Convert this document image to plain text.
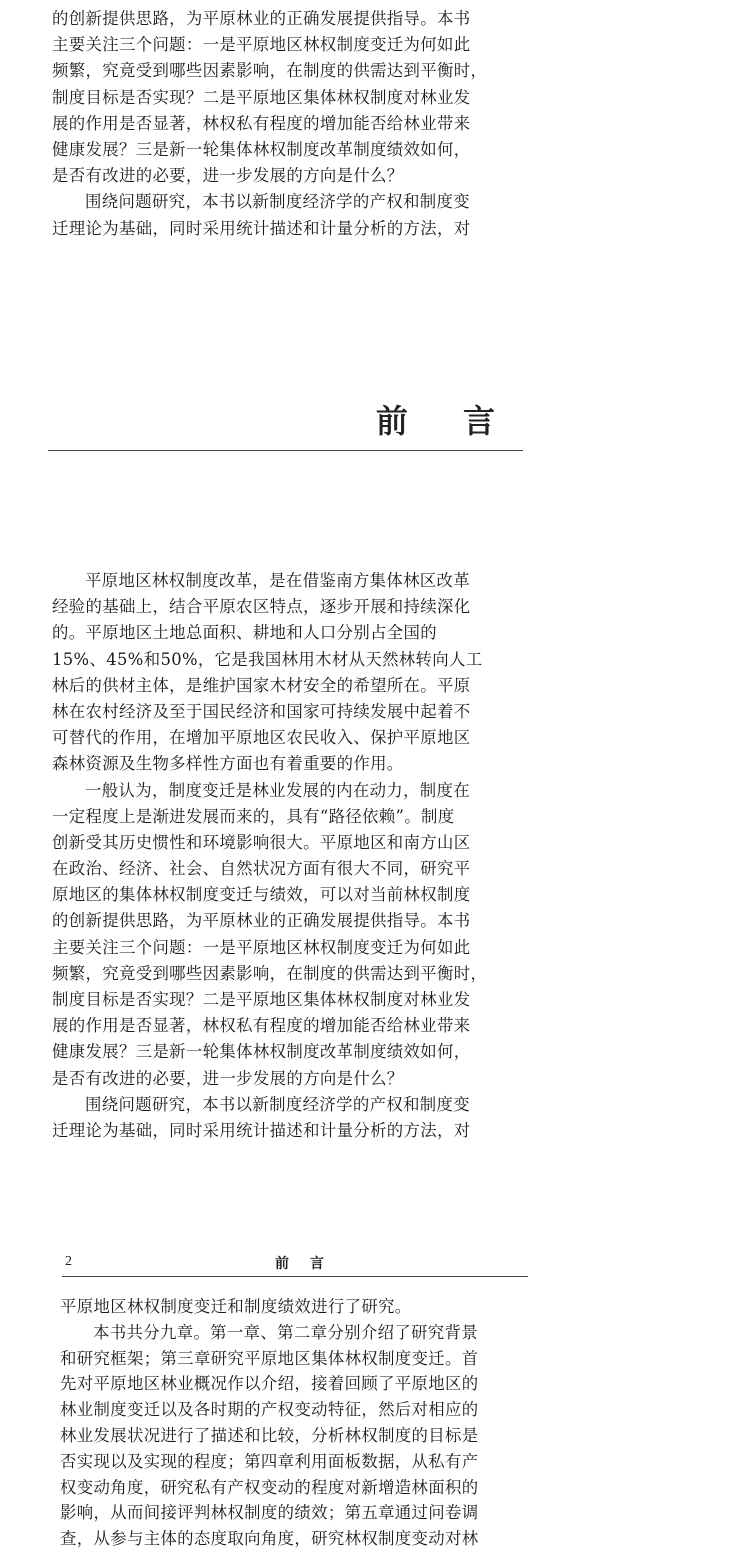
的创新提供思路，为平原林业的正确发展提供指导。本书
主要关注三个问题：一是平原地区林权制度变迁为何如此
频繁，究竟受到哪些因素影响，在制度的供需达到平衡时，
制度目标是否实现？二是平原地区集体林权制度对林业发
展的作用是否显著，林权私有程度的增加能否给林业带来
健康发展？三是新一轮集体林权制度改革制度绩效如何，
是否有改进的必要，进一步发展的方向是什么？
围绕问题研究，本书以新制度经济学的产权和制度变
迁理论为基础，同时采用统计描述和计量分析的方法，对
前 言
平原地区林权制度改革，是在借鉴南方集体林区改革
经验的基础上，结合平原农区特点，逐步开展和持续深化
的。平原地区土地总面积、耕地和人口分别占全国的
15%、45%和50%，它是我国林用木材从天然林转向人工
林后的供材主体，是维护国家木材安全的希望所在。平原
林在农村经济及至于国民经济和国家可持续发展中起着不
可替代的作用，在增加平原地区农民收入、保护平原地区
森林资源及生物多样性方面也有着重要的作用。
一般认为，制度变迁是林业发展的内在动力，制度在
一定程度上是渐进发展而来的，具有“路径依赖”。制度
创新受其历史惯性和环境影响很大。平原地区和南方山区
在政治、经济、社会、自然状况方面有很大不同，研究平
原地区的集体林权制度变迁与绩效，可以对当前林权制度
的创新提供思路，为平原林业的正确发展提供指导。本书
主要关注三个问题：一是平原地区林权制度变迁为何如此
频繁，究竟受到哪些因素影响，在制度的供需达到平衡时，
制度目标是否实现？二是平原地区集体林权制度对林业发
展的作用是否显著，林权私有程度的增加能否给林业带来
健康发展？三是新一轮集体林权制度改革制度绩效如何，
是否有改进的必要，进一步发展的方向是什么？
围绕问题研究，本书以新制度经济学的产权和制度变
迁理论为基础，同时采用统计描述和计量分析的方法，对
2	前 言
平原地区林权制度变迁和制度绩效进行了研究。
本书共分九章。第一章、第二章分别介绍了研究背景
和研究框架；第三章研究平原地区集体林权制度变迁。首
先对平原地区林业概况作以介绍，接着回顾了平原地区的
林业制度变迁以及各时期的产权变动特征，然后对相应的
林业发展状况进行了描述和比较，分析林权制度的目标是
否实现以及实现的程度；第四章利用面板数据，从私有产
权变动角度，研究私有产权变动的程度对新增造林面积的
影响，从而间接评判林权制度的绩效；第五章通过问卷调
查，从参与主体的态度取向角度，研究林权制度变动对林
